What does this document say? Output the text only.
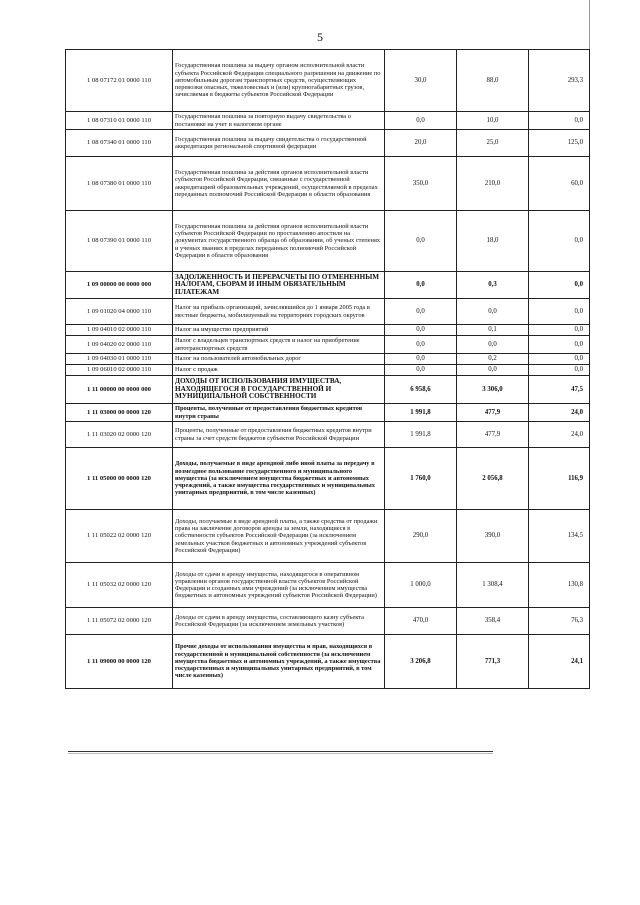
5
1 08 07172 01 0000 110	Государственная пошлина за выдачу органом исполнительной власти субъекта Российской Федерации специального разрешения на движение по автомобильным дорогам транспортных средств, осуществляющих перевозки опасных, тяжеловесных и (или) крупногабаритных грузов, зачисляемая в бюджеты субъектов Российской Федерации	30,0	88,0	293,3
1 08 07310 01 0000 110	Государственная пошлина за повторную выдачу свидетельства о постановке на учет в налоговом органе	0,0	10,0	0,0
1 08 07340 01 0000 110	Государственная пошлина за выдачу свидетельства о государственной аккредитации региональной спортивной федерации	20,0	25,0	125,0
1 08 07380 01 0000 110	Государственная пошлина за действия органов исполнительной власти субъектов Российской Федерации, связанные с государственной аккредитацией образовательных учреждений, осуществляемой в пределах переданных полномочий Российской Федерации в области образования	350,0	210,0	60,0
1 08 07390 01 0000 110	Государственная пошлина за действия органов исполнительной власти субъектов Российской Федерации по проставлению апостиля на документах государственного образца об образовании, об ученых степенях и ученых званиях в пределах переданных полномочий Российской Федерации в области образования	0,0	18,0	0,0
1 09 00000 00 0000 000	ЗАДОЛЖЕННОСТЬ И ПЕРЕРАСЧЕТЫ ПО ОТМЕНЕННЫМ НАЛОГАМ, СБОРАМ И ИНЫМ ОБЯЗАТЕЛЬНЫМ ПЛАТЕЖАМ	0,0	0,3	0,0
1 09 01020 04 0000 110	Налог на прибыль организаций, зачислявшийся до 1 января 2005 года в местные бюджеты, мобилизуемый на территориях городских округов	0,0	0,0	0,0
1 09 04010 02 0000 110	Налог на имущество предприятий	0,0	0,1	0,0
1 09 04020 02 0000 110	Налог с владельцев транспортных средств и налог на приобретение автотранспортных средств	0,0	0,0	0,0
1 09 04030 01 0000 110	Налог на пользователей автомобильных дорог	0,0	0,2	0,0
1 09 06010 02 0000 110	Налог с продаж	0,0	0,0	0,0
1 11 00000 00 0000 000	ДОХОДЫ ОТ ИСПОЛЬЗОВАНИЯ ИМУЩЕСТВА, НАХОДЯЩЕГОСЯ В ГОСУДАРСТВЕННОЙ И МУНИЦИПАЛЬНОЙ СОБСТВЕННОСТИ	6 958,6	3 306,0	47,5
1 11 03000 00 0000 120	Проценты, полученные от предоставления бюджетных кредитов внутри страны	1 991,8	477,9	24,0
1 11 03020 02 0000 120	Проценты, полученные от предоставления бюджетных кредитов внутри страны за счет средств бюджетов субъектов Российской Федерации	1 991,8	477,9	24,0
1 11 05000 00 0000 120	Доходы, получаемые в виде арендной либо иной платы за передачу в возмездное пользование государственного и муниципального имущества (за исключением имущества бюджетных и автономных учреждений, а также имущества государственных и муниципальных унитарных предприятий, в том числе казенных)	1 760,0	2 056,8	116,9
1 11 05022 02 0000 120	Доходы, получаемые в виде арендной платы, а также средства от продажи права на заключение договоров аренды за земли, находящиеся в собственности субъектов Российской Федерации (за исключением земельных участков бюджетных и автономных учреждений субъектов Российской Федерации)	290,0	390,0	134,5
1 11 05032 02 0000 120	Доходы от сдачи в аренду имущества, находящегося в оперативном управлении органов государственной власти субъектов Российской Федерации и созданных ими учреждений (за исключением имущества бюджетных и автономных учреждений субъектов Российской Федерации)	1 000,0	1 308,4	130,8
1 11 05072 02 0000 120	Доходы от сдачи в аренду имущества, составляющего казну субъекта Российской Федерации (за исключением земельных участков)	470,0	358,4	76,3
1 11 09000 00 0000 120	Прочие доходы от использования имущества и прав, находящихся в государственной и муниципальной собственности (за исключением имущества бюджетных и автономных учреждений, а также имущества государственных и муниципальных унитарных предприятий, в том числе казенных)	3 206,8	771,3	24,1
